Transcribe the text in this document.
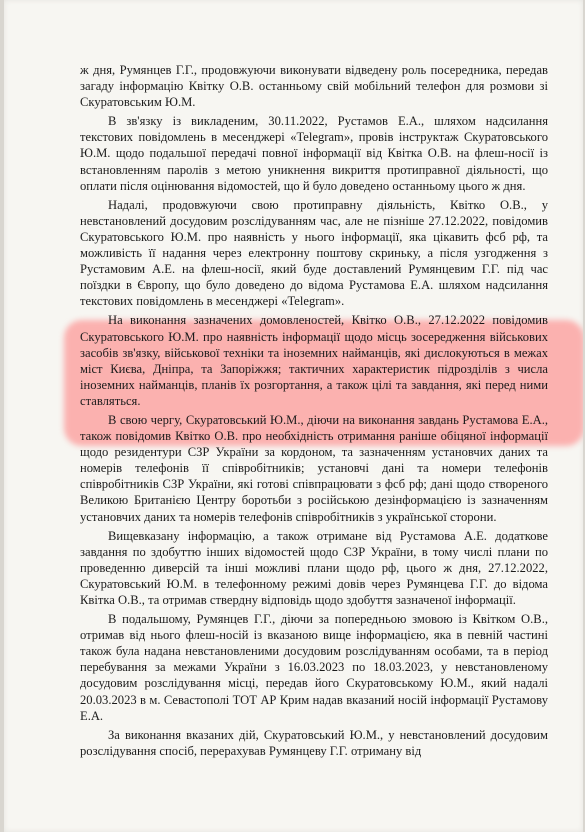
ж дня, Румянцев Г.Г., продовжуючи виконувати відведену роль посередника, передав загаду інформацію Квітку О.В. останньому свій мобільний телефон для розмови зі Скуратовським Ю.М.

В зв'язку із викладеним, 30.11.2022, Рустамов Е.А., шляхом надсилання текстових повідомлень в месенджері «Telegram», провів інструктаж Скуратовського Ю.М. щодо подальшої передачі повної інформації від Квітка О.В. на флеш-носії із встановленням паролів з метою уникнення викриття протиправної діяльності, що оплати після оцінювання відомостей, що й було доведено останньому цього ж дня.

Надалі, продовжуючи свою протиправну діяльність, Квітко О.В., у невстановлений досудовим розслідуванням час, але не пізніше 27.12.2022, повідомив Скуратовського Ю.М. про наявність у нього інформації, яка цікавить фсб рф, та можливість її надання через електронну поштову скриньку, а після узгодження з Рустамовим А.Е. на флеш-носії, який буде доставлений Румянцевим Г.Г. під час поїздки в Європу, що було доведено до відома Рустамова Е.А. шляхом надсилання текстових повідомлень в месенджері «Telegram».

На виконання зазначених домовленостей, Квітко О.В., 27.12.2022 повідомив Скуратовського Ю.М. про наявність інформації щодо місць зосередження військових засобів зв'язку, військової техніки та іноземних найманців, які дислокуються в межах міст Києва, Дніпра, та Запоріжжя; тактичних характеристик підрозділів з числа іноземних найманців, планів їх розгортання, а також цілі та завдання, які перед ними ставляться.

В свою чергу, Скуратовський Ю.М., діючи на виконання завдань Рустамова Е.А., також повідомив Квітко О.В. про необхідність отримання раніше обіцяної інформації щодо резидентури СЗР України за кордоном, та зазначенням установчих даних та номерів телефонів її співробітників; установчі дані та номери телефонів співробітників СЗР України, які готові співпрацювати з фсб рф; дані щодо створеного Великою Британією Центру боротьби з російською дезінформацією із зазначенням установчих даних та номерів телефонів співробітників з української сторони.

Вищевказану інформацію, а також отримане від Рустамова А.Е. додаткове завдання по здобуттю інших відомостей щодо СЗР України, в тому числі плани по проведенню диверсій та інші можливі плани щодо рф, цього ж дня, 27.12.2022, Скуратовський Ю.М. в телефонному режимі довів через Румянцева Г.Г. до відома Квітка О.В., та отримав ствердну відповідь щодо здобуття зазначеної інформації.

В подальшому, Румянцев Г.Г., діючи за попередньою змовою із Квітком О.В., отримав від нього флеш-носій із вказаною вище інформацією, яка в певній частині також була надана невстановленими досудовим розслідуванням особами, та в період перебування за межами України з 16.03.2023 по 18.03.2023, у невстановленому досудовим розслідування місці, передав його Скуратовському Ю.М., який надалі 20.03.2023 в м. Севастополі ТОТ АР Крим надав вказаний носій інформації Рустамову Е.А.

За виконання вказаних дій, Скуратовський Ю.М., у невстановлений досудовим розслідування спосіб, перерахував Румянцеву Г.Г. отриману від
